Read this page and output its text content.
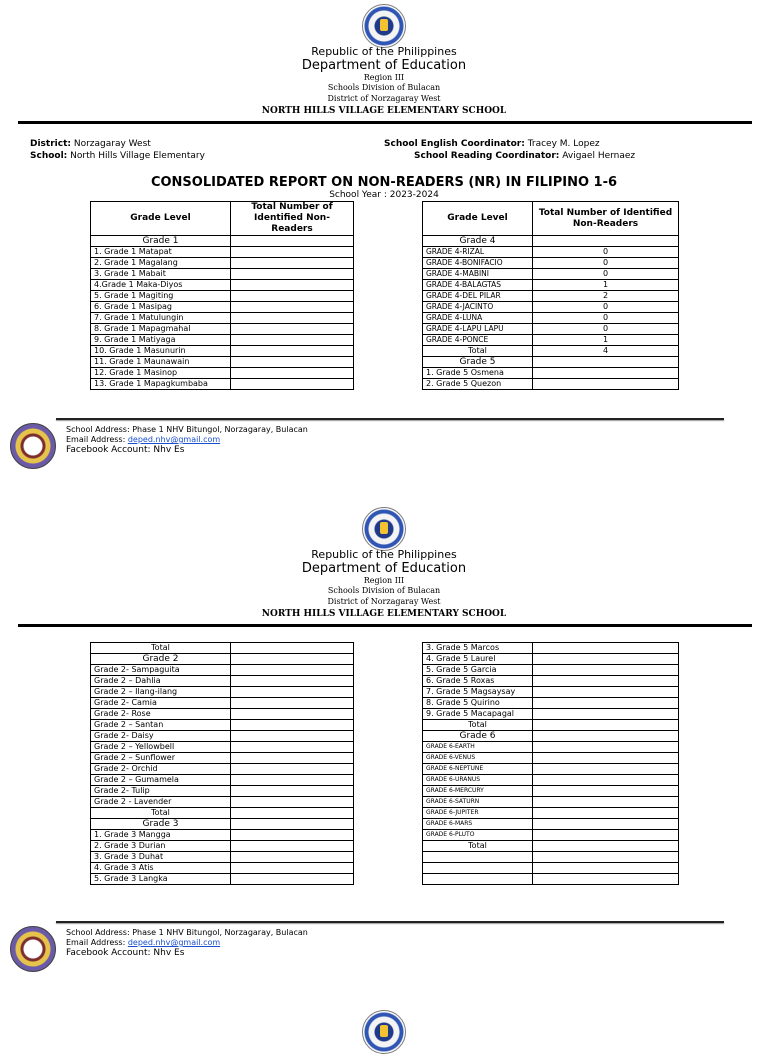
Republic of the Philippines
Department of Education
Region III
Schools Division of Bulacan
District of Norzagaray West
NORTH HILLS VILLAGE ELEMENTARY SCHOOL
District: Norzagaray West
School: North Hills Village Elementary
School English Coordinator: Tracey M. Lopez
School Reading Coordinator: Avigael Hernaez
CONSOLIDATED REPORT ON NON-READERS (NR) IN FILIPINO 1-6
School Year : 2023-2024
Grade Level	Total Number of Identified Non-Readers
Grade 1	
1. Grade 1 Matapat	
2. Grade 1 Magalang	
3. Grade 1 Mabait	
4.Grade 1 Maka-Diyos	
5. Grade 1 Magiting	
6. Grade 1 Masipag	
7. Grade 1 Matulungin	
8. Grade 1 Mapagmahal	
9. Grade 1 Matiyaga	
10. Grade 1 Masunurin	
11. Grade 1 Maunawain	
12. Grade 1 Masinop	
13. Grade 1 Mapagkumbaba	
Grade Level	Total Number of Identified Non-Readers
Grade 4	
GRADE 4-RIZAL	0
GRADE 4-BONIFACIO	0
GRADE 4-MABINI	0
GRADE 4-BALAGTAS	1
GRADE 4-DEL PILAR	2
GRADE 4-JACINTO	0
GRADE 4-LUNA	0
GRADE 4-LAPU LAPU	0
GRADE 4-PONCE	1
Total	4
Grade 5	
1. Grade 5 Osmena	
2. Grade 5 Quezon	
School Address: Phase 1 NHV Bitungol, Norzagaray, Bulacan
Email Address: deped.nhv@gmail.com
Facebook Account: Nhv Es
Republic of the Philippines
Department of Education
Region III
Schools Division of Bulacan
District of Norzagaray West
NORTH HILLS VILLAGE ELEMENTARY SCHOOL
Total	
Grade 2	
Grade 2- Sampaguita	
Grade 2 – Dahlia	
Grade 2 – Ilang-ilang	
Grade 2- Camia	
Grade 2- Rose	
Grade 2 – Santan	
Grade 2- Daisy	
Grade 2 – Yellowbell	
Grade 2 – Sunflower	
Grade 2- Orchid	
Grade 2 – Gumamela	
Grade 2- Tulip	
Grade 2 - Lavender	
Total	
Grade 3	
1. Grade 3 Mangga	
2. Grade 3 Durian	
3. Grade 3 Duhat	
4. Grade 3 Atis	
5. Grade 3 Langka	
3. Grade 5 Marcos	
4. Grade 5 Laurel	
5. Grade 5 Garcia	
6. Grade 5 Roxas	
7. Grade 5 Magsaysay	
8. Grade 5 Quirino	
9. Grade 5 Macapagal	
Total	
Grade 6	
GRADE 6-EARTH	
GRADE 6-VENUS	
GRADE 6-NEPTUNE	
GRADE 6-URANUS	
GRADE 6-MERCURY	
GRADE 6-SATURN	
GRADE 6-JUPITER	
GRADE 6-MARS	
GRADE 6-PLUTO	
Total	

School Address: Phase 1 NHV Bitungol, Norzagaray, Bulacan
Email Address: deped.nhv@gmail.com
Facebook Account: Nhv Es
